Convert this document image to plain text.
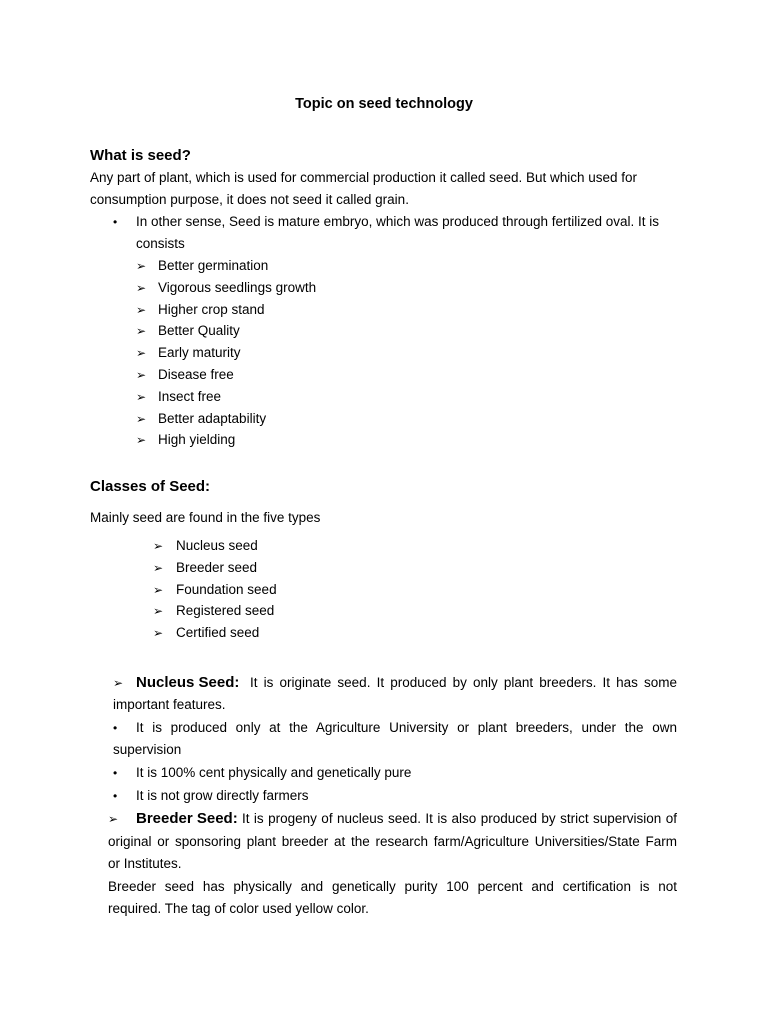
Topic on seed technology
What is seed?
Any part of plant, which is used for commercial production it called seed. But which used for
consumption purpose, it does not seed it called grain.
• In other sense, Seed is mature embryo, which was produced through fertilized oval. It is
consists
➢ Better germination
➢ Vigorous seedlings growth
➢ Higher crop stand
➢ Better Quality
➢ Early maturity
➢ Disease free
➢ Insect free
➢ Better adaptability
➢ High yielding
Classes of Seed:
Mainly seed are found in the five types
➢ Nucleus seed
➢ Breeder seed
➢ Foundation seed
➢ Registered seed
➢ Certified seed
➢ Nucleus Seed: It is originate seed. It produced by only plant breeders. It has some
important features.
• It is produced only at the Agriculture University or plant breeders, under the own
supervision
• It is 100% cent physically and genetically pure
• It is not grow directly farmers
➢ Breeder Seed: It is progeny of nucleus seed. It is also produced by strict supervision of
original or sponsoring plant breeder at the research farm/Agriculture Universities/State Farm
or Institutes.
Breeder seed has physically and genetically purity 100 percent and certification is not
required. The tag of color used yellow color.
